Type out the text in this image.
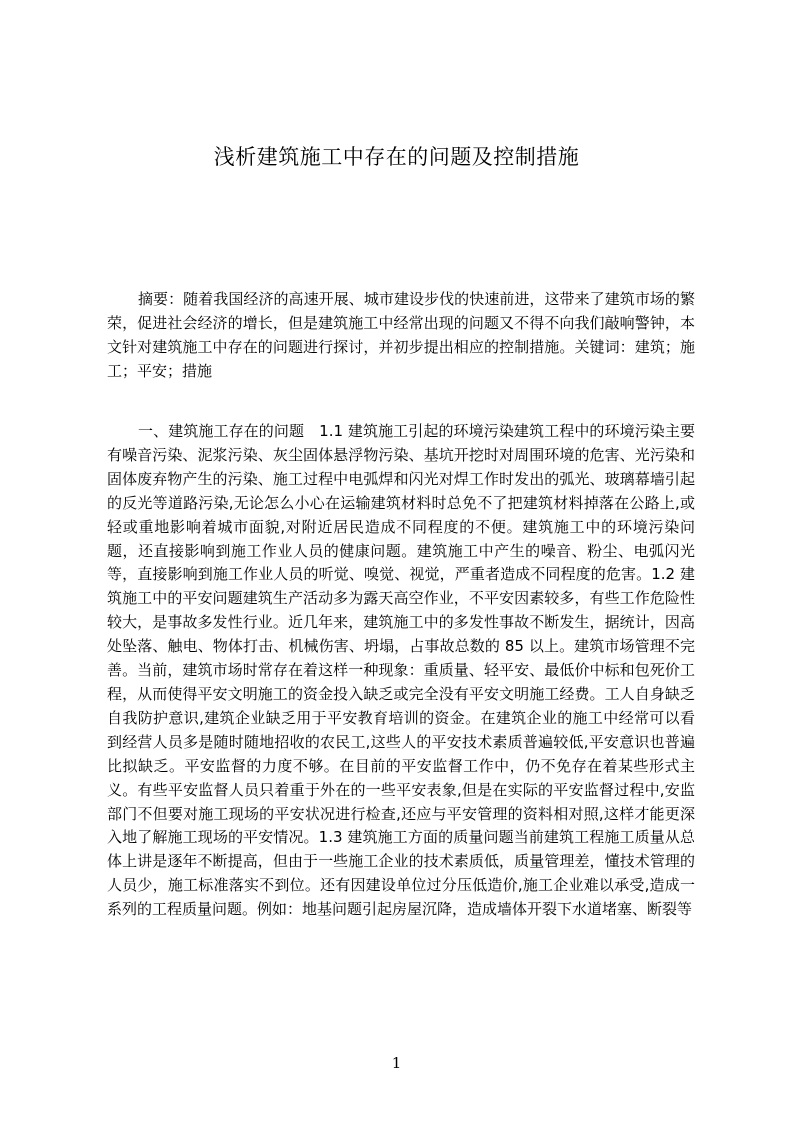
浅析建筑施工中存在的问题及控制措施

摘要：随着我国经济的高速开展、城市建设步伐的快速前进，这带来了建筑市场的繁荣，促进社会经济的增长，但是建筑施工中经常出现的问题又不得不向我们敲响警钟，本文针对建筑施工中存在的问题进行探讨，并初步提出相应的控制措施。关键词：建筑；施工；平安；措施

一、建筑施工存在的问题　1.1 建筑施工引起的环境污染建筑工程中的环境污染主要有噪音污染、泥浆污染、灰尘固体悬浮物污染、基坑开挖时对周围环境的危害、光污染和固体废弃物产生的污染、施工过程中电弧焊和闪光对焊工作时发出的弧光、玻璃幕墙引起的反光等道路污染,无论怎么小心在运输建筑材料时总免不了把建筑材料掉落在公路上,或轻或重地影响着城市面貌,对附近居民造成不同程度的不便。建筑施工中的环境污染问题，还直接影响到施工作业人员的健康问题。建筑施工中产生的噪音、粉尘、电弧闪光等，直接影响到施工作业人员的听觉、嗅觉、视觉，严重者造成不同程度的危害。1.2 建筑施工中的平安问题建筑生产活动多为露天高空作业，不平安因素较多，有些工作危险性较大，是事故多发性行业。近几年来，建筑施工中的多发性事故不断发生，据统计，因高处坠落、触电、物体打击、机械伤害、坍塌，占事故总数的 85 以上。建筑市场管理不完善。当前，建筑市场时常存在着这样一种现象：重质量、轻平安、最低价中标和包死价工程，从而使得平安文明施工的资金投入缺乏或完全没有平安文明施工经费。工人自身缺乏自我防护意识,建筑企业缺乏用于平安教育培训的资金。在建筑企业的施工中经常可以看到经营人员多是随时随地招收的农民工,这些人的平安技术素质普遍较低,平安意识也普遍比拟缺乏。平安监督的力度不够。在目前的平安监督工作中，仍不免存在着某些形式主义。有些平安监督人员只着重于外在的一些平安表象,但是在实际的平安监督过程中,安监部门不但要对施工现场的平安状况进行检查,还应与平安管理的资料相对照,这样才能更深入地了解施工现场的平安情况。1.3 建筑施工方面的质量问题当前建筑工程施工质量从总体上讲是逐年不断提高，但由于一些施工企业的技术素质低，质量管理差，懂技术管理的人员少，施工标准落实不到位。还有因建设单位过分压低造价,施工企业难以承受,造成一系列的工程质量问题。例如：地基问题引起房屋沉降，造成墙体开裂下水道堵塞、断裂等

1
